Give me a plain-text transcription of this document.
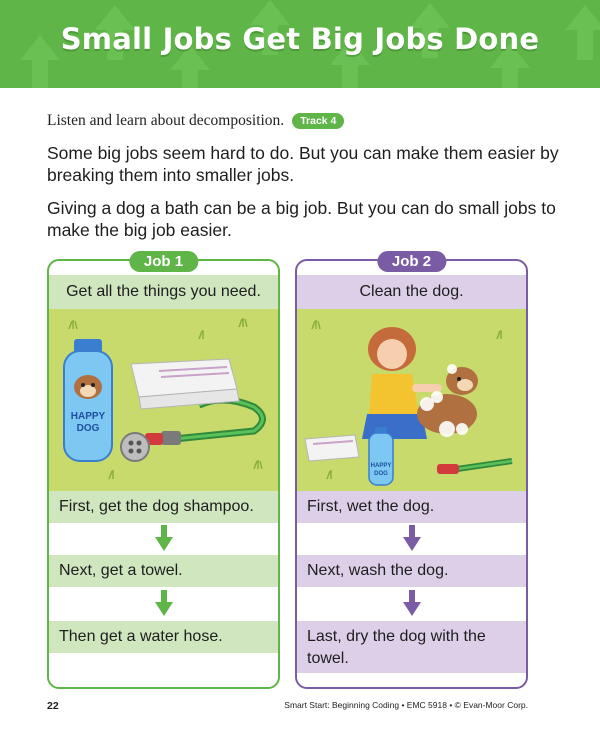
Small Jobs Get Big Jobs Done
Listen and learn about decomposition.	Track 4

Some big jobs seem hard to do. But you can make them easier by breaking them into smaller jobs.

Giving a dog a bath can be a big job. But you can do small jobs to make the big job easier.

Job 1
Get all the things you need.
HAPPY
DOG
First, get the dog shampoo.
Next, get a towel.
Then get a water hose.
Job 2
Clean the dog.
HAPPY
DOG
First, wet the dog.
Next, wash the dog.
Last, dry the dog with the towel.
22	Smart Start: Beginning Coding • EMC 5918 • © Evan-Moor Corp.
